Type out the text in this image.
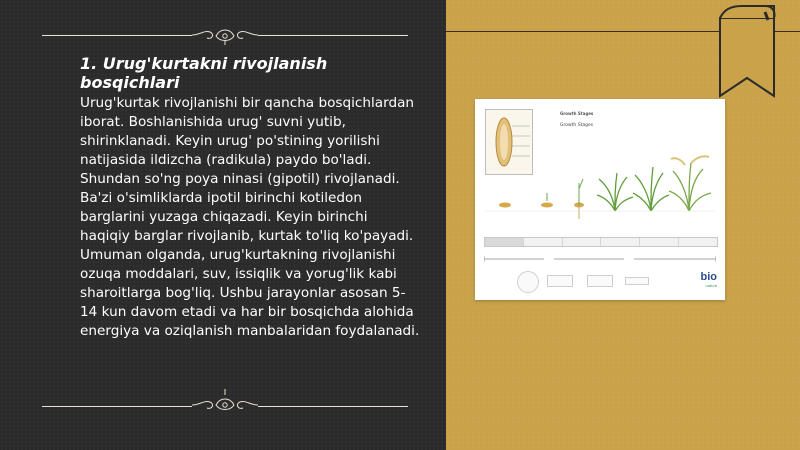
1. Urug'kurtakni rivojlanish bosqichlari

Urug'kurtak rivojlanishi bir qancha bosqichlardan iborat. Boshlanishida urug' suvni yutib, shirinklanadi. Keyin urug' po'stining yorilishi natijasida ildizcha (radikula) paydo bo'ladi. Shundan so'ng poya ninasi (gipotil) rivojlanadi. Ba'zi o'simliklarda ipotil birinchi kotiledon barglarini yuzaga chiqazadi. Keyin birinchi haqiqiy barglar rivojlanib, kurtak to'liq ko'payadi. Umuman olganda, urug'kurtakning rivojlanishi ozuqa moddalari, suv, issiqlik va yorug'lik kabi sharoitlarga bog'liq. Ushbu jarayonlar asosan 5-14 kun davom etadi va har bir bosqichda alohida energiya va oziqlanish manbalaridan foydalanadi.

Growth Stages
Growth Stages
bio
nature
